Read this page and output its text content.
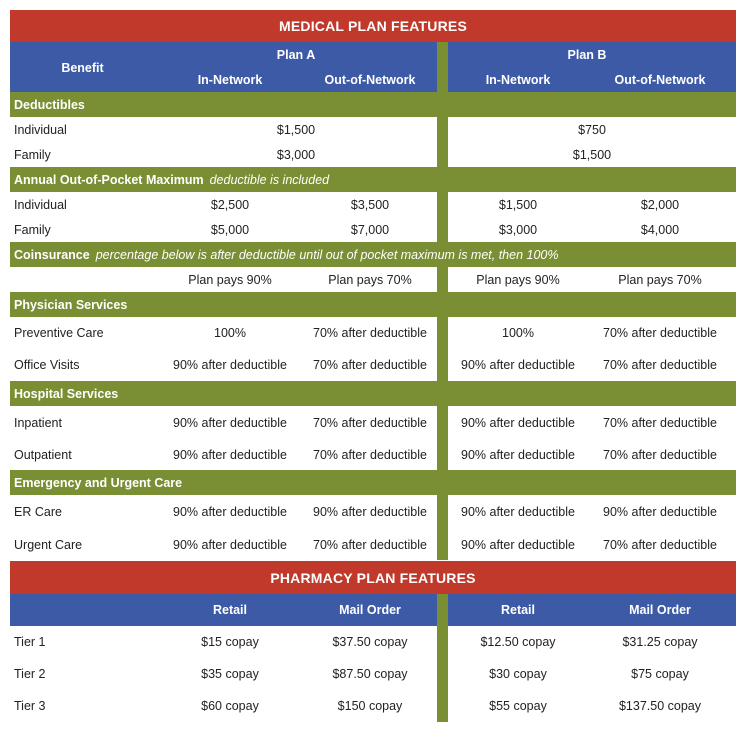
MEDICAL PLAN FEATURES
Benefit
Plan A	Plan B
In-Network	Out-of-Network	In-Network	Out-of-Network
Deductibles
Individual	$1,500	$750
Family	$3,000	$1,500
Annual Out-of-Pocket Maximum deductible is included
Individual	$2,500	$3,500	$1,500	$2,000
Family	$5,000	$7,000	$3,000	$4,000
Coinsurance percentage below is after deductible until out of pocket maximum is met, then 100%
Plan pays 90%	Plan pays 70%	Plan pays 90%	Plan pays 70%
Physician Services
Preventive Care	100%	70% after deductible	100%	70% after deductible
Office Visits	90% after deductible	70% after deductible	90% after deductible	70% after deductible
Hospital Services
Inpatient	90% after deductible	70% after deductible	90% after deductible	70% after deductible
Outpatient	90% after deductible	70% after deductible	90% after deductible	70% after deductible
Emergency and Urgent Care
ER Care	90% after deductible	90% after deductible	90% after deductible	90% after deductible
Urgent Care	90% after deductible	70% after deductible	90% after deductible	70% after deductible
PHARMACY PLAN FEATURES
Retail	Mail Order	Retail	Mail Order
Tier 1	$15 copay	$37.50 copay	$12.50 copay	$31.25 copay
Tier 2	$35 copay	$87.50 copay	$30 copay	$75 copay
Tier 3	$60 copay	$150 copay	$55 copay	$137.50 copay
